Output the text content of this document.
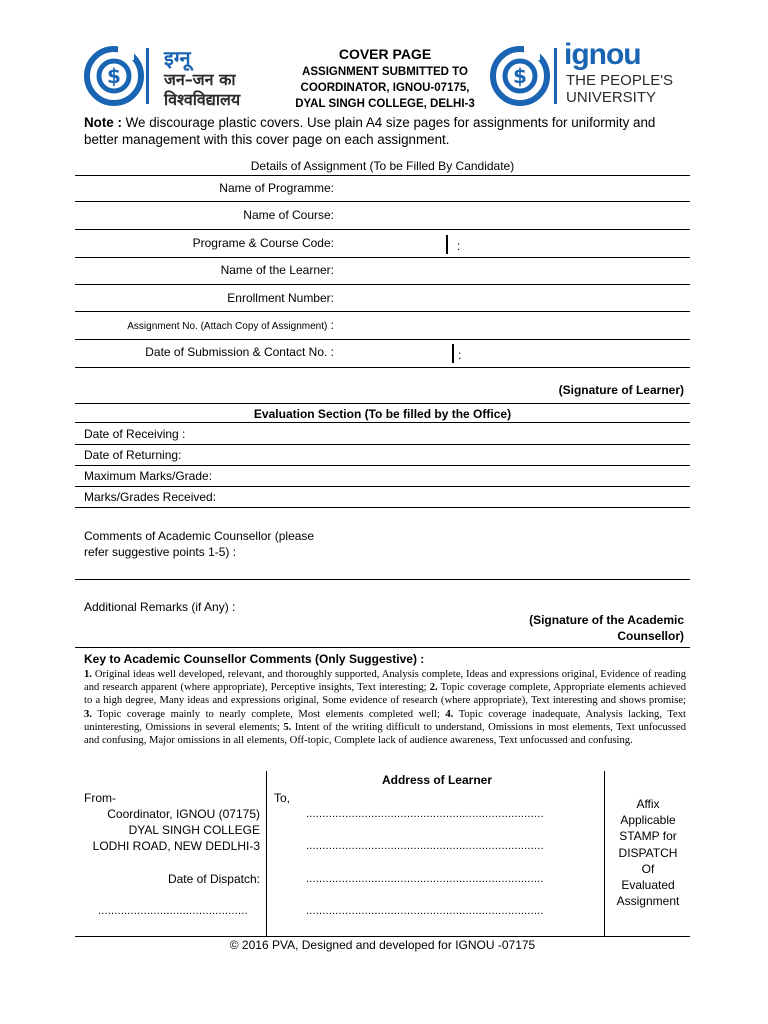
$
इग्नू
जन–जन का
विश्वविद्यालय
COVER PAGE
ASSIGNMENT SUBMITTED TO
COORDINATOR, IGNOU-07175,
DYAL SINGH COLLEGE, DELHI-3
$
ignou
THE PEOPLE'S
UNIVERSITY
Note : We discourage plastic covers. Use plain A4 size pages for assignments for uniformity and better management with this cover page on each assignment.
Details of Assignment (To be Filled By Candidate)
Name of Programme:
Name of Course:
Programe & Course Code:	:
Name of the Learner:
Enrollment Number:
Assignment No. (Attach Copy of Assignment) :
Date of Submission & Contact No. :	:
(Signature of Learner)
Evaluation Section (To be filled by the Office)
Date of Receiving :
Date of Returning:
Maximum Marks/Grade:
Marks/Grades Received:
Comments of Academic Counsellor (please
refer suggestive points 1-5) :
Additional Remarks (if Any) :
(Signature of the Academic
Counsellor)
Key to Academic Counsellor Comments (Only Suggestive) :
1. Original ideas well developed, relevant, and thoroughly supported, Analysis complete, Ideas and expressions original, Evidence of reading and research apparent (where appropriate), Perceptive insights, Text interesting; 2. Topic coverage complete, Appropriate elements achieved to a high degree, Many ideas and expressions original, Some evidence of research (where appropriate), Text interesting and shows promise; 3. Topic coverage mainly to nearly complete, Most elements completed well; 4. Topic coverage inadequate, Analysis lacking, Text uninteresting, Omissions in several elements; 5. Intent of the writing difficult to understand, Omissions in most elements, Text unfocussed and confusing, Major omissions in all elements, Off-topic, Complete lack of audience awareness, Text unfocussed and confusing.
From-
Coordinator, IGNOU (07175)
DYAL SINGH COLLEGE
LODHI ROAD, NEW DEDLHI-3
Date of Dispatch:
..............................................
Address of Learner
To,
.........................................................................
.........................................................................
.........................................................................
.........................................................................
Affix
Applicable
STAMP for
DISPATCH
Of
Evaluated
Assignment
© 2016 PVA, Designed and developed for IGNOU -07175
